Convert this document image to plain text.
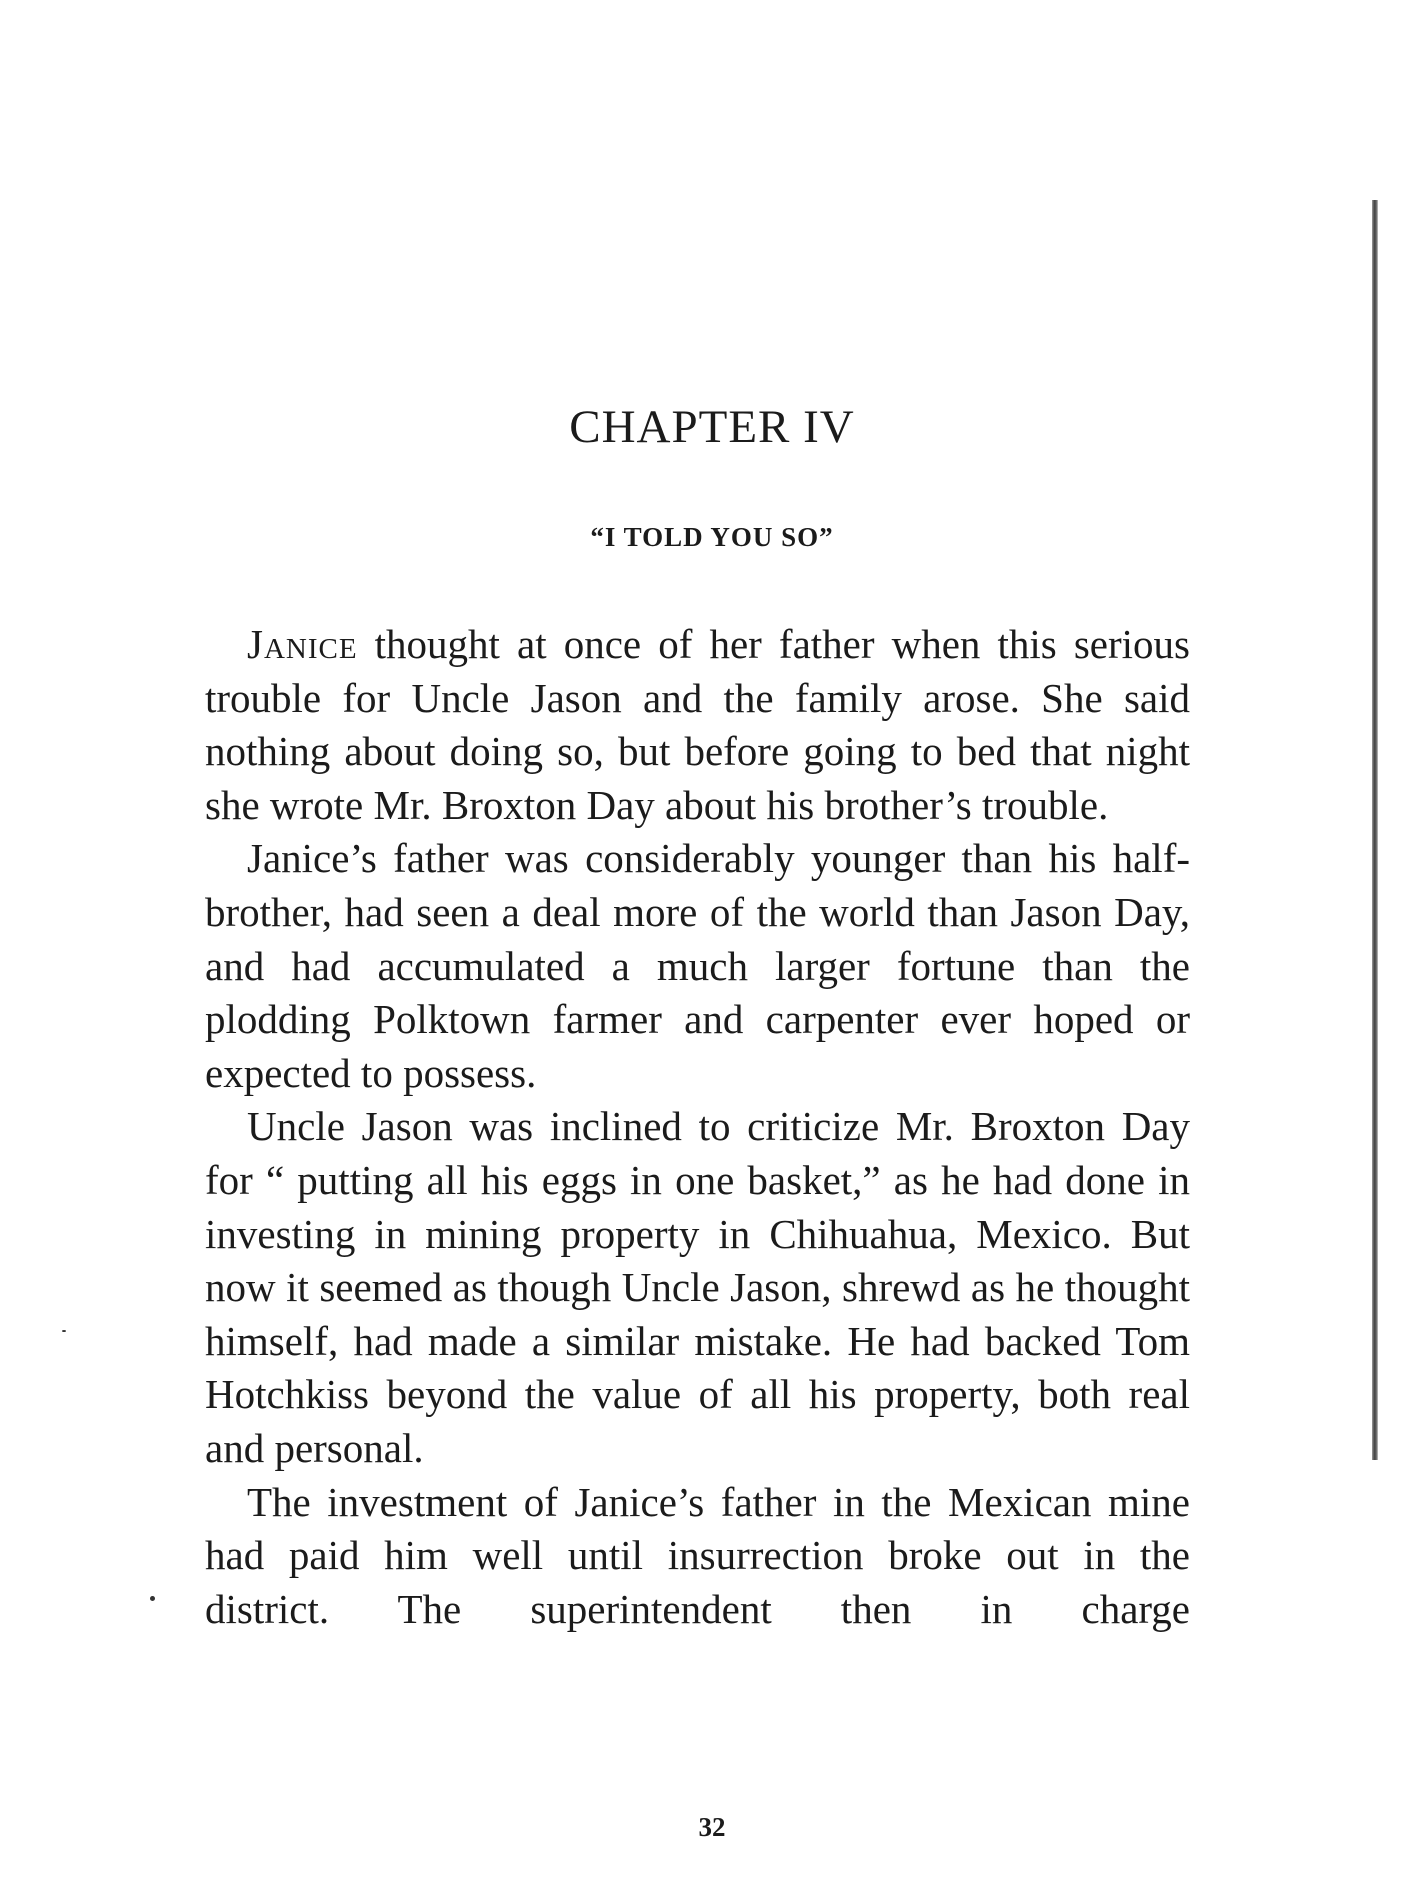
CHAPTER IV
“I TOLD YOU SO”

Janice thought at once of her father when this serious trouble for Uncle Jason and the family arose. She said nothing about doing so, but before going to bed that night she wrote Mr. Broxton Day about his brother’s trouble.

Janice’s father was considerably younger than his half-brother, had seen a deal more of the world than Jason Day, and had accumulated a much larger fortune than the plodding Polktown farmer and carpenter ever hoped or expected to possess.

Uncle Jason was inclined to criticize Mr. Broxton Day for “ putting all his eggs in one basket,” as he had done in investing in mining property in Chihuahua, Mexico. But now it seemed as though Uncle Jason, shrewd as he thought himself, had made a similar mistake. He had backed Tom Hotchkiss beyond the value of all his property, both real and personal.

The investment of Janice’s father in the Mexican mine had paid him well until insurrection broke out in the district. The superintendent then in charge

32
